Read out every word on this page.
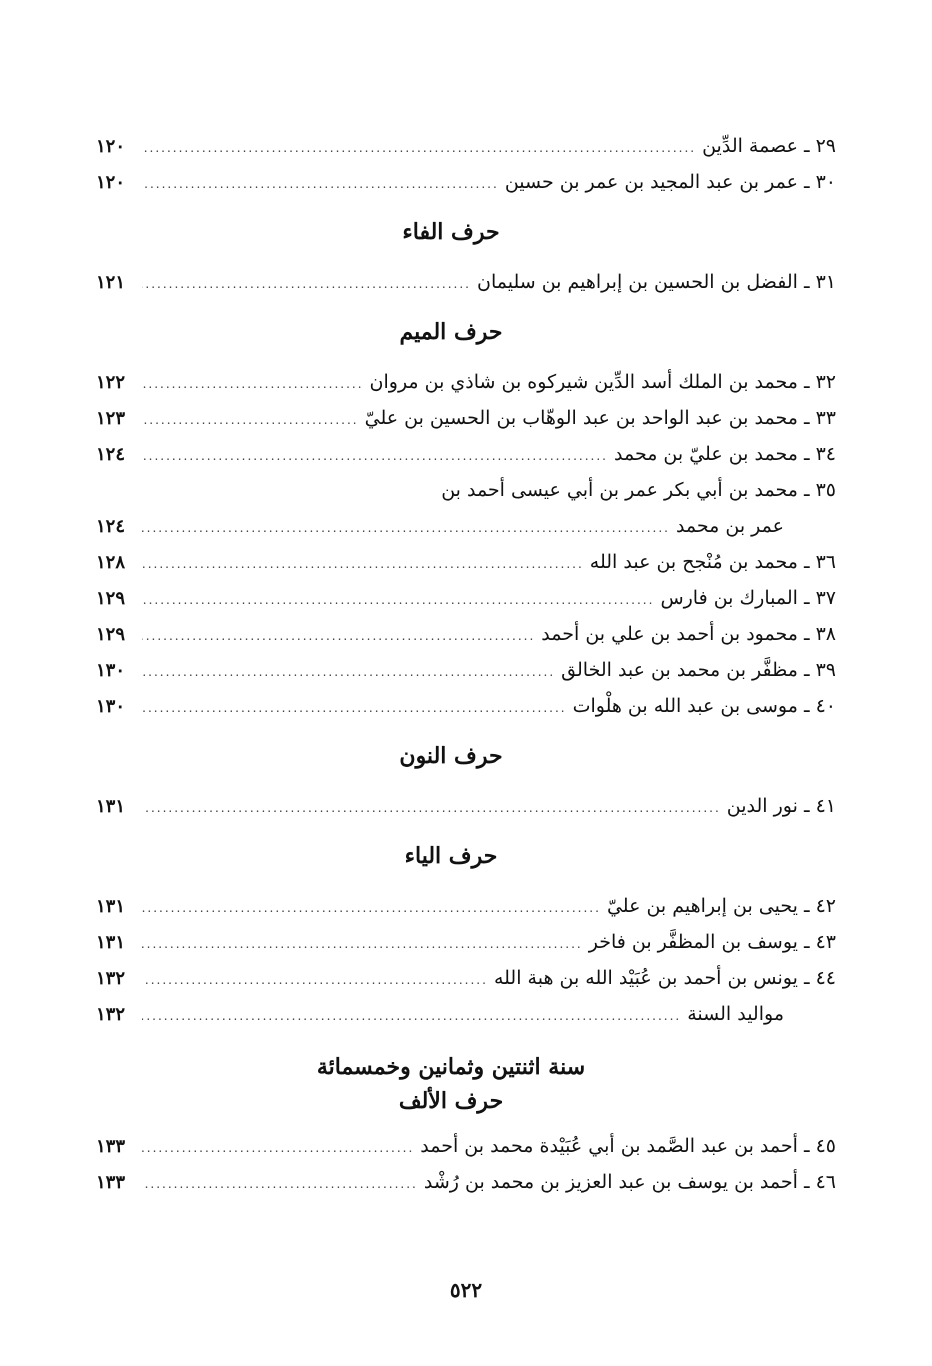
٢٩ ـ

عصمة الدِّين
.....
١٢٠
٣٠ ـ

عمر بن عبد المجيد بن عمر بن حسين
.....
١٢٠
حرف الفاء
٣١ ـ

الفضل بن الحسين بن إبراهيم بن سليمان
.....
١٢١
حرف الميم
٣٢ ـ

محمد بن الملك أسد الدِّين شيركوه بن شاذي بن مروان
.....
١٢٢
٣٣ ـ

محمد بن عبد الواحد بن عبد الوهّاب بن الحسين بن عليّ
.....
١٢٣
٣٤ ـ

محمد بن عليّ بن محمد
.....
١٢٤
٣٥ ـ

محمد بن أبي بكر عمر بن أبي عيسى أحمد بن
عمر بن محمد
.....
١٢٤
٣٦ ـ

محمد بن مُنْجح بن عبد الله
.....
١٢٨
٣٧ ـ

المبارك بن فارس
.....
١٢٩
٣٨ ـ

محمود بن أحمد بن علي بن أحمد
.....
١٢٩
٣٩ ـ

مظفَّر بن محمد بن عبد الخالق
.....
١٣٠
٤٠ ـ

موسى بن عبد الله بن هلْوات
.....
١٣٠
حرف النون
٤١ ـ

نور الدين
.....
١٣١
حرف الياء
٤٢ ـ

يحيى بن إبراهيم بن عليّ
.....
١٣١
٤٣ ـ

يوسف بن المظفَّر بن فاخر
.....
١٣١
٤٤ ـ

يونس بن أحمد بن عُبَيْد الله بن هبة الله
.....
١٣٢
مواليد السنة
.....
١٣٢
سنة اثنتين وثمانين وخمسمائة
حرف الألف
٤٥ ـ

أحمد بن عبد الصَّمد بن أبي عُبَيْدة محمد بن أحمد
.....
١٣٣
٤٦ ـ

أحمد بن يوسف بن عبد العزيز بن محمد بن رُشْد
.....
١٣٣
٥٢٢
